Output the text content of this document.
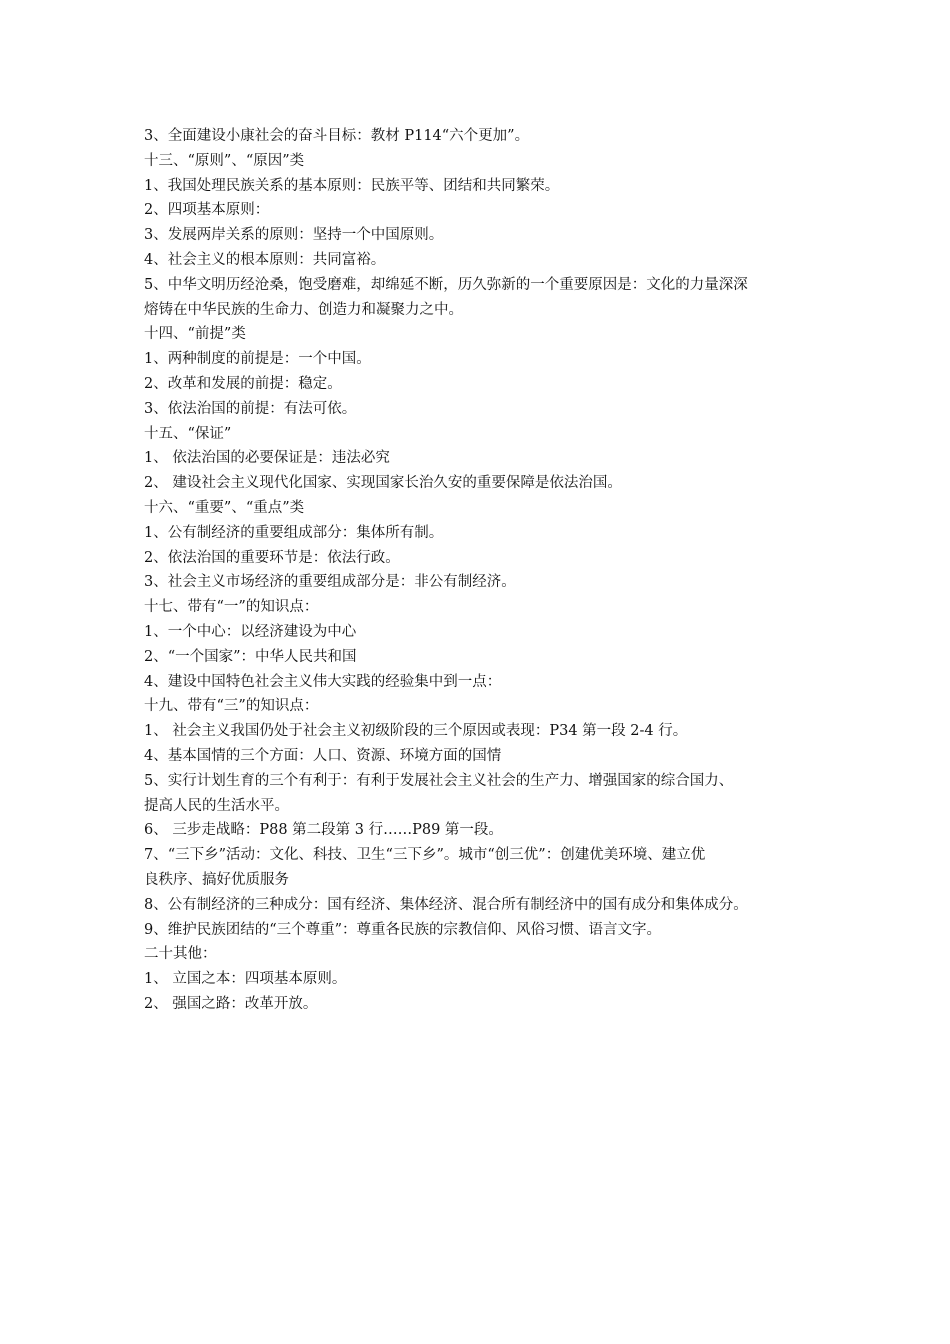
3、全面建设小康社会的奋斗目标：教材 P114“六个更加”。
十三、“原则”、“原因”类
1、我国处理民族关系的基本原则：民族平等、团结和共同繁荣。
2、四项基本原则：
3、发展两岸关系的原则：坚持一个中国原则。
4、社会主义的根本原则：共同富裕。
5、中华文明历经沧桑，饱受磨难，却绵延不断，历久弥新的一个重要原因是：文化的力量深深
熔铸在中华民族的生命力、创造力和凝聚力之中。
十四、“前提”类
1、两种制度的前提是：一个中国。
2、改革和发展的前提：稳定。
3、依法治国的前提：有法可依。
十五、“保证”
1、 依法治国的必要保证是：违法必究
2、 建设社会主义现代化国家、实现国家长治久安的重要保障是依法治国。
十六、“重要”、“重点”类
1、公有制经济的重要组成部分：集体所有制。
2、依法治国的重要环节是：依法行政。
3、社会主义市场经济的重要组成部分是：非公有制经济。
十七、带有“一”的知识点：
1、一个中心：以经济建设为中心
2、“一个国家”：中华人民共和国
4、建设中国特色社会主义伟大实践的经验集中到一点：
十九、带有“三”的知识点：
1、 社会主义我国仍处于社会主义初级阶段的三个原因或表现：P34 第一段 2-4 行。
4、基本国情的三个方面：人口、资源、环境方面的国情
5、实行计划生育的三个有利于：有利于发展社会主义社会的生产力、增强国家的综合国力、
提高人民的生活水平。
6、 三步走战略：P88 第二段第 3 行……P89 第一段。
7、“三下乡”活动：文化、科技、卫生“三下乡”。城市“创三优”：创建优美环境、建立优
良秩序、搞好优质服务
8、公有制经济的三种成分：国有经济、集体经济、混合所有制经济中的国有成分和集体成分。
9、维护民族团结的“三个尊重”：尊重各民族的宗教信仰、风俗习惯、语言文字。
二十其他：
1、 立国之本：四项基本原则。
2、 强国之路：改革开放。
